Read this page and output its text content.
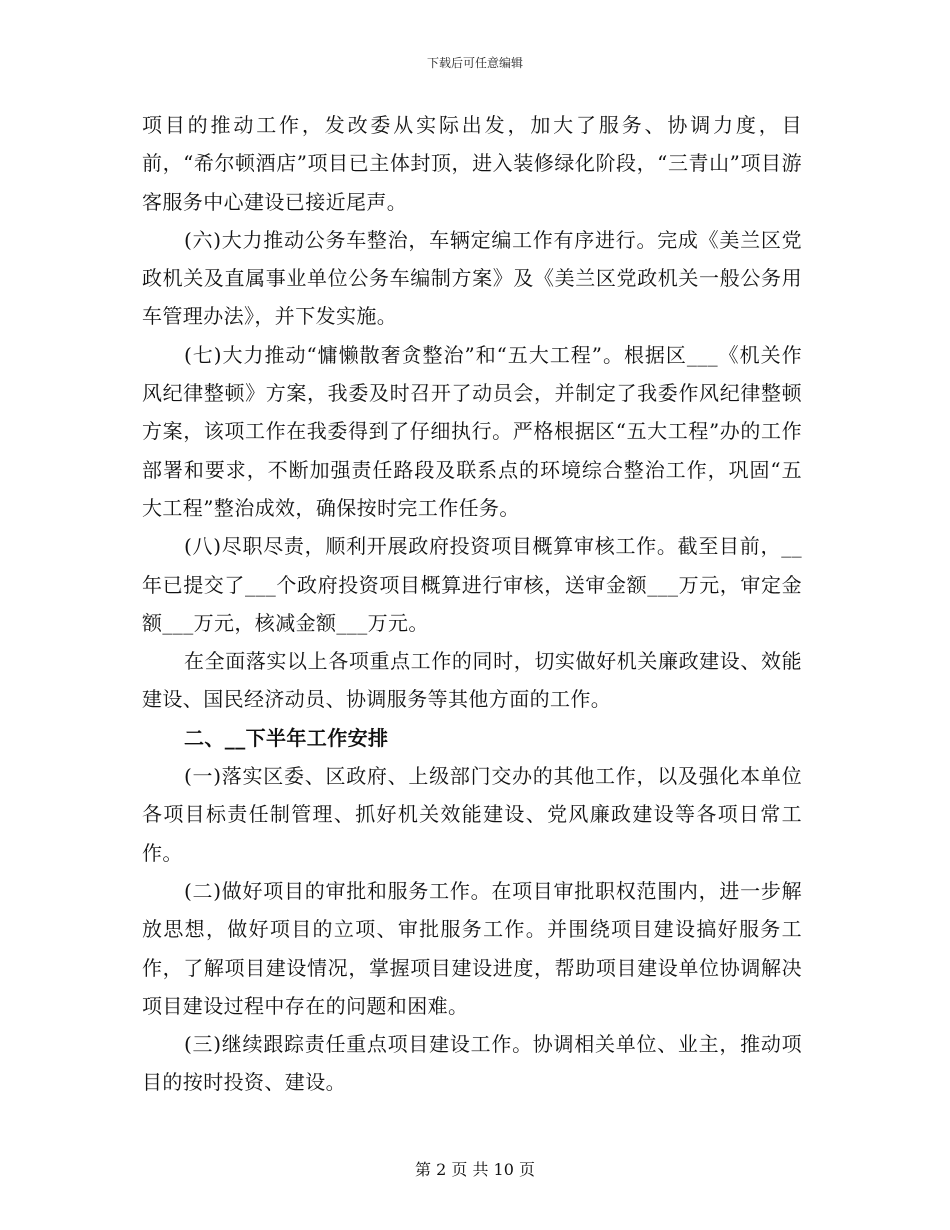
下载后可任意编辑

项目的推动工作，发改委从实际出发，加大了服务、协调力度，目前，“希尔顿酒店”项目已主体封顶，进入装修绿化阶段，“三青山”项目游客服务中心建设已接近尾声。

(六)大力推动公务车整治，车辆定编工作有序进行。完成《美兰区党政机关及直属事业单位公务车编制方案》及《美兰区党政机关一般公务用车管理办法》，并下发实施。

(七)大力推动“慵懒散奢贪整治”和“五大工程”。根据区___《机关作风纪律整顿》方案，我委及时召开了动员会，并制定了我委作风纪律整顿方案，该项工作在我委得到了仔细执行。严格根据区“五大工程”办的工作部署和要求，不断加强责任路段及联系点的环境综合整治工作，巩固“五大工程”整治成效，确保按时完工作任务。

(八)尽职尽责，顺利开展政府投资项目概算审核工作。截至目前，__年已提交了___个政府投资项目概算进行审核，送审金额___万元，审定金额___万元，核减金额___万元。

在全面落实以上各项重点工作的同时，切实做好机关廉政建设、效能建设、国民经济动员、协调服务等其他方面的工作。

二、__下半年工作安排

(一)落实区委、区政府、上级部门交办的其他工作，以及强化本单位各项目标责任制管理、抓好机关效能建设、党风廉政建设等各项日常工作。

(二)做好项目的审批和服务工作。在项目审批职权范围内，进一步解放思想，做好项目的立项、审批服务工作。并围绕项目建设搞好服务工作，了解项目建设情况，掌握项目建设进度，帮助项目建设单位协调解决项目建设过程中存在的问题和困难。

(三)继续跟踪责任重点项目建设工作。协调相关单位、业主，推动项目的按时投资、建设。

第 2 页 共 10 页
